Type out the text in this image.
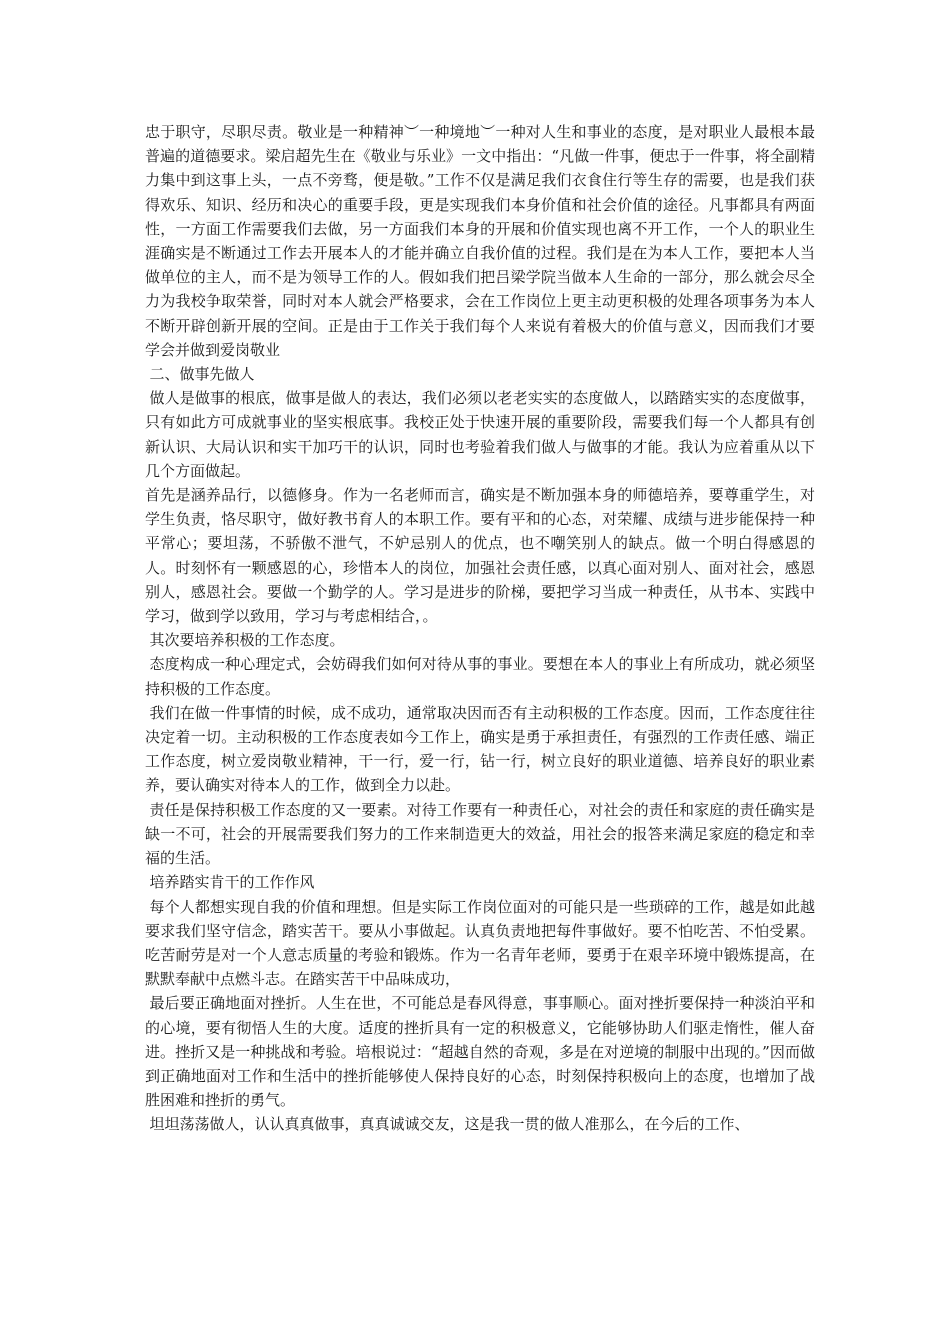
忠于职守，尽职尽责。敬业是一种精神︶一种境地︶一种对人生和事业的态度，是对职业人最根本最普遍的道德要求。梁启超先生在《敬业与乐业》一文中指出：“凡做一件事，便忠于一件事，将全副精力集中到这事上头，一点不旁骛，便是敬。”工作不仅是满足我们衣食住行等生存的需要，也是我们获得欢乐、知识、经历和决心的重要手段，更是实现我们本身价值和社会价值的途径。凡事都具有两面性，一方面工作需要我们去做，另一方面我们本身的开展和价值实现也离不开工作，一个人的职业生涯确实是不断通过工作去开展本人的才能并确立自我价值的过程。我们是在为本人工作，要把本人当做单位的主人，而不是为领导工作的人。假如我们把吕梁学院当做本人生命的一部分，那么就会尽全力为我校争取荣誉，同时对本人就会严格要求，会在工作岗位上更主动更积极的处理各项事务为本人不断开辟创新开展的空间。正是由于工作关于我们每个人来说有着极大的价值与意义，因而我们才要学会并做到爱岗敬业

二、做事先做人

做人是做事的根底，做事是做人的表达，我们必须以老老实实的态度做人，以踏踏实实的态度做事，只有如此方可成就事业的坚实根底事。我校正处于快速开展的重要阶段，需要我们每一个人都具有创新认识、大局认识和实干加巧干的认识，同时也考验着我们做人与做事的才能。我认为应着重从以下几个方面做起。

首先是涵养品行，以德修身。作为一名老师而言，确实是不断加强本身的师德培养，要尊重学生，对学生负责，恪尽职守，做好教书育人的本职工作。要有平和的心态，对荣耀、成绩与进步能保持一种平常心；要坦荡，不骄傲不泄气，不妒忌别人的优点，也不嘲笑别人的缺点。做一个明白得感恩的人。时刻怀有一颗感恩的心，珍惜本人的岗位，加强社会责任感，以真心面对别人、面对社会，感恩别人，感恩社会。要做一个勤学的人。学习是进步的阶梯，要把学习当成一种责任，从书本、实践中学习，做到学以致用，学习与考虑相结合，。

其次要培养积极的工作态度。

态度构成一种心理定式，会妨碍我们如何对待从事的事业。要想在本人的事业上有所成功，就必须坚持积极的工作态度。

我们在做一件事情的时候，成不成功，通常取决因而否有主动积极的工作态度。因而，工作态度往往决定着一切。主动积极的工作态度表如今工作上，确实是勇于承担责任，有强烈的工作责任感、端正工作态度，树立爱岗敬业精神，干一行，爱一行，钻一行，树立良好的职业道德、培养良好的职业素养，要认确实对待本人的工作，做到全力以赴。

责任是保持积极工作态度的又一要素。对待工作要有一种责任心，对社会的责任和家庭的责任确实是缺一不可，社会的开展需要我们努力的工作来制造更大的效益，用社会的报答来满足家庭的稳定和幸福的生活。

培养踏实肯干的工作作风

每个人都想实现自我的价值和理想。但是实际工作岗位面对的可能只是一些琐碎的工作，越是如此越要求我们坚守信念，踏实苦干。要从小事做起。认真负责地把每件事做好。要不怕吃苦、不怕受累。吃苦耐劳是对一个人意志质量的考验和锻炼。作为一名青年老师，要勇于在艰辛环境中锻炼提高，在默默奉献中点燃斗志。在踏实苦干中品味成功，

最后要正确地面对挫折。人生在世，不可能总是春风得意，事事顺心。面对挫折要保持一种淡泊平和的心境，要有彻悟人生的大度。适度的挫折具有一定的积极意义，它能够协助人们驱走惰性，催人奋进。挫折又是一种挑战和考验。培根说过：“超越自然的奇观，多是在对逆境的制服中出现的。”因而做到正确地面对工作和生活中的挫折能够使人保持良好的心态，时刻保持积极向上的态度，也增加了战胜困难和挫折的勇气。

坦坦荡荡做人，认认真真做事，真真诚诚交友，这是我一贯的做人准那么，在今后的工作、
